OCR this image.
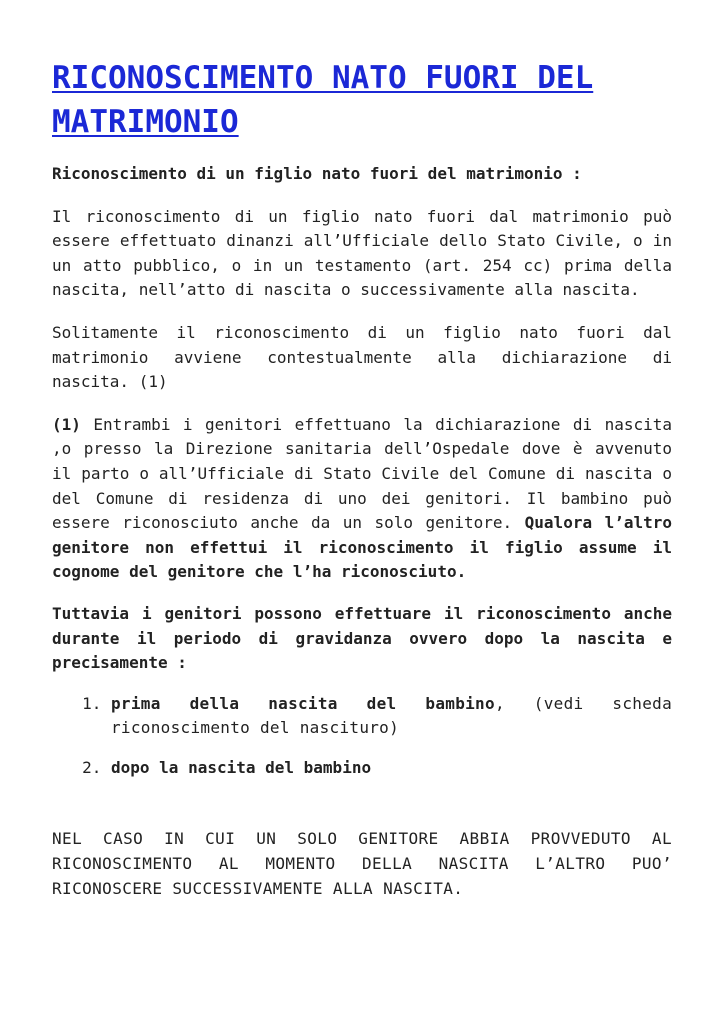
RICONOSCIMENTO NATO FUORI DEL MATRIMONIO

Riconoscimento di un figlio nato fuori del matrimonio :

Il riconoscimento di un figlio nato fuori dal matrimonio può essere effettuato dinanzi all’Ufficiale dello Stato Civile, o in un atto pubblico, o in un testamento (art. 254 cc) prima della nascita, nell’atto di nascita o successivamente alla nascita.

Solitamente il riconoscimento di un figlio nato fuori dal matrimonio avviene contestualmente alla dichiarazione di nascita. (1)

(1) Entrambi i genitori effettuano la dichiarazione di nascita ,o presso la Direzione sanitaria dell’Ospedale dove è avvenuto il parto o all’Ufficiale di Stato Civile del Comune di nascita o del Comune di residenza di uno dei genitori. Il bambino può essere riconosciuto anche da un solo genitore. Qualora l’altro genitore non effettui il riconoscimento il figlio assume il cognome del genitore che l’ha riconosciuto.

Tuttavia i genitori possono effettuare il riconoscimento anche durante il periodo di gravidanza ovvero dopo la nascita e precisamente :

1. prima della nascita del bambino, (vedi scheda riconoscimento del nascituro)
2. dopo la nascita del bambino

NEL CASO IN CUI UN SOLO GENITORE ABBIA PROVVEDUTO AL RICONOSCIMENTO AL MOMENTO DELLA NASCITA L’ALTRO PUO’ RICONOSCERE SUCCESSIVAMENTE ALLA NASCITA.
